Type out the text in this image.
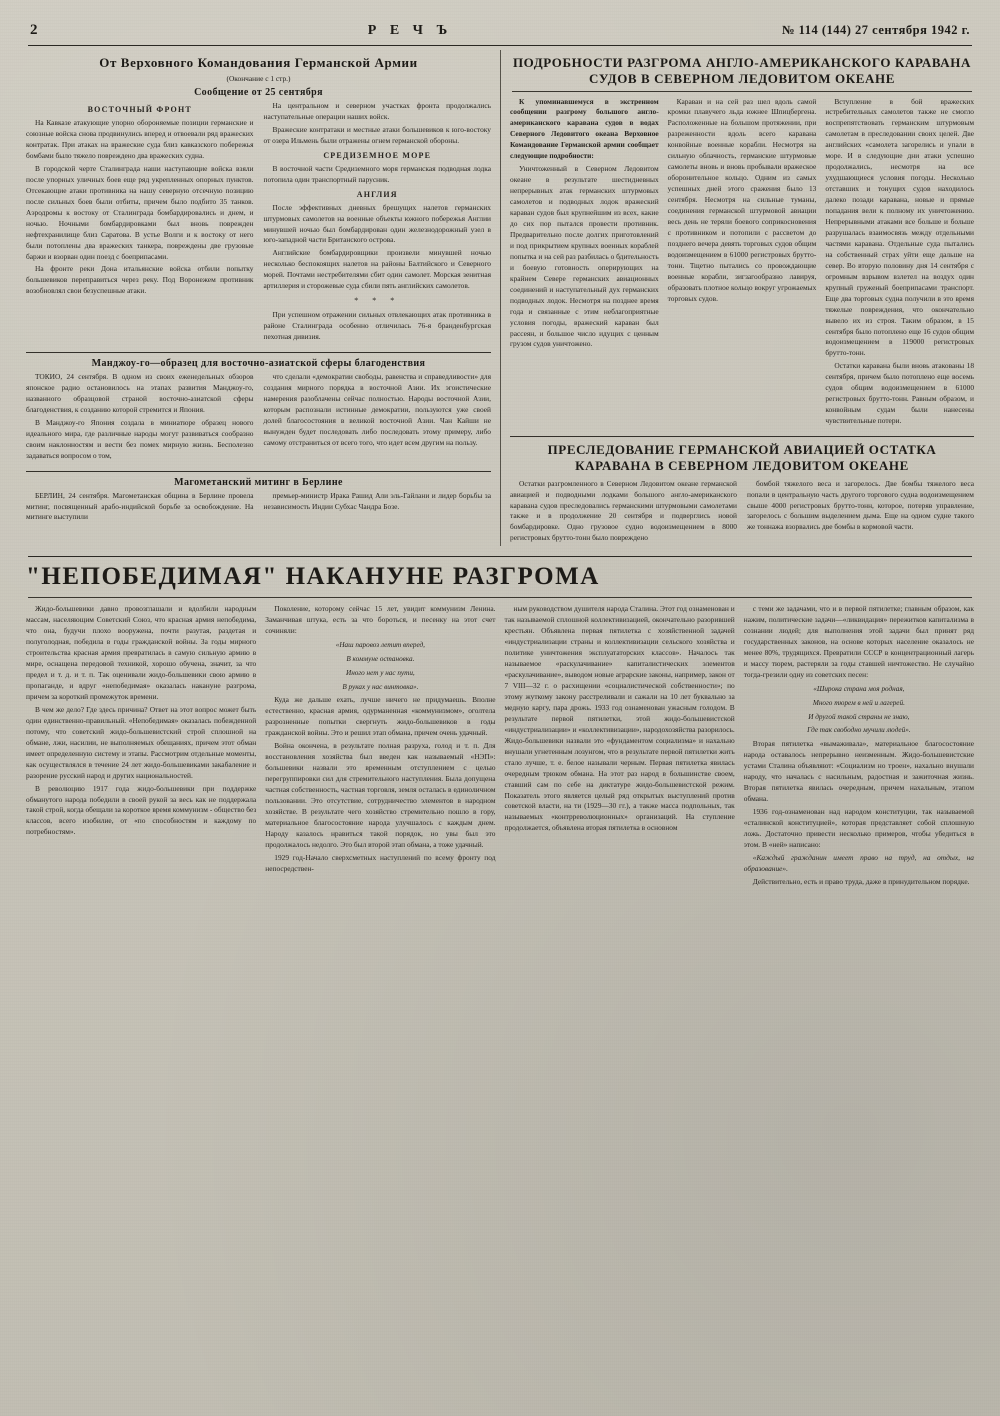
2	Р Е Ч Ъ	№ 114 (144) 27 сентября 1942 г.
От Верховного Командования Германской Армии
(Окончание с 1 стр.)
Сообщение от 25 сентября
ВОСТОЧНЫЙ ФРОНТ

На Кавказе атакующие упорно обороняемые позиции германские и союзные войска снова продвинулись вперед и отвоевали ряд вражеских контратак. При атаках на вражеские суда близ кавказского побережья бомбами было тяжело повреждено два вражеских судна.

В городской черте Сталинграда наши наступающие войска взяли после упорных уличных боев еще ряд укрепленных опорных пунктов. Отсекающие атаки противника на нашу северную отсечную позицию после сильных боев были отбиты, причем было подбито 35 танков. Аэродромы к востоку от Сталинграда бомбардировались и днем, и ночью. Ночными бомбардировками был вновь поврежден нефтехранилище близ Саратова. В устье Волги и к востоку от него были потоплены два вражеских танкера, повреждены две грузовые баржи и взорван один поезд с боеприпасами.

На фронте реки Дона итальянские войска отбили попытку большевиков переправиться через реку. Под Воронежем противник возобновлял свои безуспешные атаки.

На центральном и северном участках фронта продолжались наступательные операции наших войск.

Вражеские контратаки и местные атаки большевиков к юго-востоку от озера Ильмень были отражены огнем германской обороны.

СРЕДИЗЕМНОЕ МОРЕ

В восточной части Средиземного моря германская подводная лодка потопила один транспортный парусник.

АНГЛИЯ

После эффективных дневных брешущих налетов германских штурмовых самолетов на военные объекты южного побережья Англии минувшей ночью был бомбардирован один железнодорожный узел в юго-западной части Британского острова.

Английские бомбардировщики произвели минувшей ночью несколько беспокоящих налетов на районы Балтийского и Северного морей. Почтами нестребителями сбит один самолет. Морская зенитная артиллерия и сторожевые суда сбили пять английских самолетов.

* * *

При успешном отражении сильных отвлекающих атак противника в районе Сталинграда особенно отличилась 76-я бранденбургская пехотная дивизия.

Манджоу-го—образец для восточно-азиатской сферы благоденствия

ТОКИО, 24 сентября. В одном из своих еженедельных обзоров японское радио остановилось на этапах развития Манджоу-го, названного образцовой страной восточно-азиатской сферы благоденствия, к созданию которой стремится и Япония.

В Манджоу-го Япония создала в миниатюре образец нового идеального мира, где различные народы могут развиваться сообразно своим наклонностям и вести без помех мирную жизнь. Бесполезно задаваться вопросом о том,

что сделали «демократии свободы, равенства и справедливости» для создания мирного порядка в восточной Азии. Их эгоистические намерения разоблачены сейчас полностью. Народы восточной Азии, которым распознали истинные демократии, пользуются уже своей долей благосостояния в великой восточной Азии. Чан Кайши не вынужден будет последовать либо последовать этому примеру, либо самому отстраниться от всего того, что идет всем другим на пользу.

Магометанский митинг в Берлине

БЕРЛИН, 24 сентября. Магометанская община в Берлине провела митинг, посвященный арабо-индийской борьбе за освобождение. На митинге выступили

премьер-министр Ирака Рашид Али эль-Гайлани и лидер борьбы за независимость Индии Субхас Чандра Бозе.

ПОДРОБНОСТИ РАЗГРОМА АНГЛО-АМЕРИКАНСКОГО КАРАВАНА
СУДОВ В СЕВЕРНОМ ЛЕДОВИТОМ ОКЕАНЕ

К упоминавшемуся в экстренном сообщении разгрому большого англо-американского каравана судов в водах Северного Ледовитого океана Верховное Командование Германской армии сообщает следующие подробности:

Уничтоженный в Северном Ледовитом океане в результате шестидневных непрерывных атак германских штурмовых самолетов и подводных лодок вражеский караван судов был крупнейшим из всех, какие до сих пор пытался провести противник. Предварительно после долгих приготовлений и под прикрытием крупных военных кораблей попытка и на сей раз разбилась о бдительность и боевую готовность оперирующих на крайнем Севере германских авиационных соединений и наступательный дух германских подводных лодок. Несмотря на позднее время года и связанные с этим неблагоприятные условия погоды, вражеский караван был рассеян, и большое число идущих с ценным грузом судов уничтожено.

Караван и на сей раз шел вдоль самой кромки плавучего льда южнее Шпицбергена. Расположенные на большом протяжении, при разреженности вдоль всего каравана конвойные военные корабли. Несмотря на сильную облачность, германские штурмовые самолеты вновь и вновь пробывали вражеское оборонительное кольцо. Одним из самых успешных дней этого сражения было 13 сентября. Несмотря на сильные туманы, соединения германской штурмовой авиации весь день не теряли боевого соприкосновения с противником и потопили с рассветом до позднего вечера девять торговых судов общим водоизмещением в 61000 регистровых брутто-тонн. Тщетно пытались со провождающие военные корабли, зигзагообразно лавируя, образовать плотное кольцо вокруг угрожаемых торговых судов.

Вступление в бой вражеских истребительных самолетов также не смогло воспрепятствовать германским штурмовым самолетам в преследовании своих целей. Две английских «самолета загорелись и упали в море. И в следующие дни атаки успешно продолжались, несмотря на все ухудшающиеся условия погоды. Несколько отставших и тонущих судов находилось далеко позади каравана, новые и прямые попадания вели к полному их уничтожению. Непрерывными атаками все больше и больше разрушалась взаимосвязь между отдельными частями каравана. Отдельные суда пытались на собственный страх уйти еще дальше на север. Во вторую половину дня 14 сентября с огромным взрывом взлетел на воздух один крупный груженый боеприпасами транспорт. Еще два торговых судна получили в это время тяжелые повреждения, что окончательно вывело их из строя. Таким образом, в 15 сентября было потоплено еще 16 судов общим водоизмещением в 119000 регистровых брутто-тонн.

Остатки каравана были вновь атакованы 18 сентября, причем было потоплено еще восемь судов общим водоизмещением в 61000 регистровых брутто-тонн. Равным образом, и конвойным судам были нанесены чувствительные потери.

ПРЕСЛЕДОВАНИЕ ГЕРМАНСКОЙ АВИАЦИЕЙ ОСТАТКА
КАРАВАНА В СЕВЕРНОМ ЛЕДОВИТОМ ОКЕАНЕ

Остатки разгромленного в Северном Ледовитом океане германской авиацией и подводными лодками большого англо-американского каравана судов преследовались германскими штурмовыми самолетами также и в продолжение 20 сентября и подверглись новой бомбардировке. Одно грузовое судно водоизмещением в 8000 регистровых брутто-тонн было повреждено

бомбой тяжелого веса и загорелось. Две бомбы тяжелого веса попали в центральную часть другого торгового судна водоизмещением свыше 4000 регистровых брутто-тонн, которое, потеряв управление, загорелось с большим выделением дыма. Еще на одном судне такого же тоннажа взорвались две бомбы в кормовой части.

"НЕПОБЕДИМАЯ" НАКАНУНЕ РАЗГРОМА

Жидо-большевики давно провозглашали и вдолбили народным массам, населяющим Советский Союз, что красная армия непобедима, что она, будучи плохо вооружена, почти разутая, раздетая и полуголодная, победила в годы гражданской войны. За годы мирного строительства красная армия превратилась в самую сильную армию в мире, оснащена передовой техникой, хорошо обучена, значит, за что предел и т. д. и т. п. Так оценивали жидо-большевики свою армию в пропаганде, и вдруг «непобедимая» оказалась накануне разгрома, причем за короткий промежуток времени.

В чем же дело? Где здесь причина? Ответ на этот вопрос может быть один единственно-правильный. «Непобедимая» оказалась побежденной потому, что советский жидо-большевистский строй сплошной на обмане, лжи, насилии, не выполняемых обещаниях, причем этот обман имеет определенную систему и этапы. Рассмотрим отдельные моменты, как осуществлялся в течение 24 лет жидо-большевиками закабаление и разорение русский народ и других национальностей.

В революцию 1917 года жидо-большевики при поддержке обманутого народа победили в своей рукой за весь как не поддержала такой строй, когда обещали за короткое время коммунизм - общество без классов, всего изобилие, от «по способностям и каждому по потребностям».

Поколение, которому сейчас 15 лет, увидит коммунизм Ленина. Заманчивая штука, есть за что бороться, и песенку на этот счет сочиняли:

«Наш паровоз летит вперед,
В коммуне остановка.
Иного нет у нас пути,
В руках у нас винтовка».

Куда же дальше ехать, лучше ничего не придумаешь. Вполне естественно, красная армия, одурманенная «коммунизмом», оголтела разрозненные попытки свергнуть жидо-большевиков в годы гражданской войны. Это и решил этап обмана, причем очень удачный.

Война окончена, в результате полная разруха, голод и т. п. Для восстановления хозяйства был введен как называемый «НЭП»: большевики назвали это временным отступлением с целью перегруппировки сил для стремительного наступления. Была допущена частная собственность, частная торговля, земля осталась в единоличном пользовании. Это отсутствие, сотрудничество элементов в народном хозяйстве. В результате чего хозяйство стремительно пошло в гору, материальное благосостояние народа улучшалось с каждым днем. Народу казалось нравиться такой порядок, но увы был это продолжалось недолго. Это был второй этап обмана, а тоже удачный.

1929 год-Начало сверхсметных наступлений по всему фронту под непосредствен-

ным руководством душителя народа Сталина. Этот год ознаменован и так называемой сплошной коллективизацией, окончательно разорившей крестьян. Объявлена первая пятилетка с хозяйственной задачей «индустриализации страны и коллективизации сельского хозяйства и политике уничтожения эксплуататорских классов». Началось так называемое «раскулачивание» капиталистических элементов «раскулачивание», выводом новые аграрские законы, например, закон от 7 VIII—32 г. о расхищении «социалистической собственности»; по этому жуткому закону расстреливали и сажали на 10 лет буквально за медную каргу, пара дрожь. 1933 год ознаменован ужасным голодом. В результате первой пятилетки, этой жидо-большевистской «индустриализации» и «коллективизации», народохозяйства разорилось. Жидо-большевики назвали это «фундаментом социализма» и нахально внушали угнетенным лозунгом, что в результате первой пятилетки жить стало лучше, т. е. белое называли черным. Первая пятилетка явилась очередным трюком обмана. На этот раз народ в большинстве своем, ставший сам по себе на диктатуре жидо-большевистской режим. Показатель этого является целый ряд открытых выступлений против советской власти, на ти (1929—30 гг.), а также масса подпольных, так называемых «контрреволюционных» организаций. На ступление продолжается, объявлена вторая пятилетка в основном

с теми же задачами, что и в первой пятилетке; главным образом, как нажим, политические задачи—«ликвидация» пережитков капитализма в сознании людей; для выполнения этой задачи был принят ряд государственных законов, на основе которых население оказалось не менее 80%, трудящихся. Превратили СССР в концентрационный лагерь и массу тюрем, растеряли за годы ставшей ничтожество. Не случайно тогда-грезили одну из советских песен:

«Широка страна моя родная,
Много тюрем в ней и лагерей.
И другой такой страны не знаю,
Где так свободно мучили людей».

Вторая пятилетка «вымаживала», материальное благосостояние народа оставалось непрерывно неизменным. Жидо-большевистские устами Сталина объявляют: «Социализм но троен», нахально внушали народу, что началась с насильным, радостная и зажиточная жизнь. Вторая пятилетка явилась очередным, причем нахальным, этапом обмана.

1936 год-ознаменован над народом конституции, так называемой «сталинской конституцией», которая представляет собой сплошную ложь. Достаточно привести несколько примеров, чтобы убедиться в этом. В «ней» написано:

«Каждый гражданин имеет право на труд, на отдых, на образование».

Действительно, есть и право труда, даже в принудительном порядке.
